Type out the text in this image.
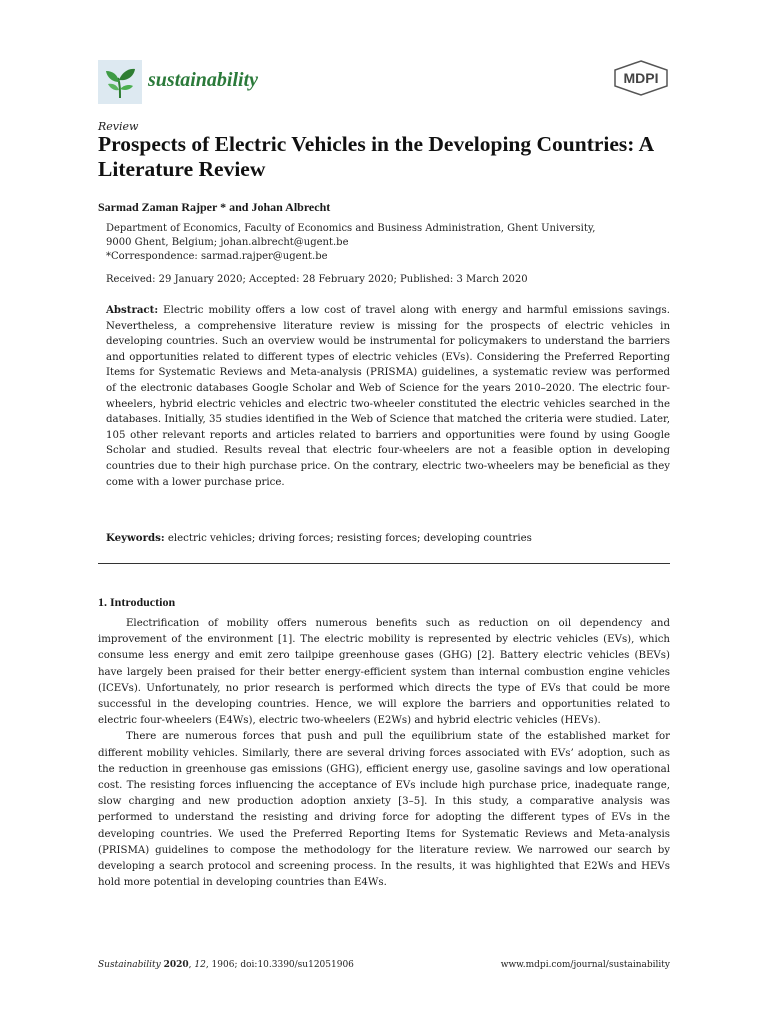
sustainability	MDPI
Review
Prospects of Electric Vehicles in the Developing Countries: A Literature Review
Sarmad Zaman Rajper * and Johan Albrecht
Department of Economics, Faculty of Economics and Business Administration, Ghent University,
9000 Ghent, Belgium; johan.albrecht@ugent.be
*Correspondence: sarmad.rajper@ugent.be
Received: 29 January 2020; Accepted: 28 February 2020; Published: 3 March 2020
Abstract: Electric mobility offers a low cost of travel along with energy and harmful emissions savings. Nevertheless, a comprehensive literature review is missing for the prospects of electric vehicles in developing countries. Such an overview would be instrumental for policymakers to understand the barriers and opportunities related to different types of electric vehicles (EVs). Considering the Preferred Reporting Items for Systematic Reviews and Meta-analysis (PRISMA) guidelines, a systematic review was performed of the electronic databases Google Scholar and Web of Science for the years 2010–2020. The electric four-wheelers, hybrid electric vehicles and electric two-wheeler constituted the electric vehicles searched in the databases. Initially, 35 studies identified in the Web of Science that matched the criteria were studied. Later, 105 other relevant reports and articles related to barriers and opportunities were found by using Google Scholar and studied. Results reveal that electric four-wheelers are not a feasible option in developing countries due to their high purchase price. On the contrary, electric two-wheelers may be beneficial as they come with a lower purchase price.
Keywords: electric vehicles; driving forces; resisting forces; developing countries
1. Introduction

Electrification of mobility offers numerous benefits such as reduction on oil dependency and improvement of the environment [1]. The electric mobility is represented by electric vehicles (EVs), which consume less energy and emit zero tailpipe greenhouse gases (GHG) [2]. Battery electric vehicles (BEVs) have largely been praised for their better energy-efficient system than internal combustion engine vehicles (ICEVs). Unfortunately, no prior research is performed which directs the type of EVs that could be more successful in the developing countries. Hence, we will explore the barriers and opportunities related to electric four-wheelers (E4Ws), electric two-wheelers (E2Ws) and hybrid electric vehicles (HEVs).

There are numerous forces that push and pull the equilibrium state of the established market for different mobility vehicles. Similarly, there are several driving forces associated with EVs’ adoption, such as the reduction in greenhouse gas emissions (GHG), efficient energy use, gasoline savings and low operational cost. The resisting forces influencing the acceptance of EVs include high purchase price, inadequate range, slow charging and new production adoption anxiety [3–5]. In this study, a comparative analysis was performed to understand the resisting and driving force for adopting the different types of EVs in the developing countries. We used the Preferred Reporting Items for Systematic Reviews and Meta-analysis (PRISMA) guidelines to compose the methodology for the literature review. We narrowed our search by developing a search protocol and screening process. In the results, it was highlighted that E2Ws and HEVs hold more potential in developing countries than E4Ws.

Sustainability 2020, 12, 1906; doi:10.3390/su12051906	www.mdpi.com/journal/sustainability
